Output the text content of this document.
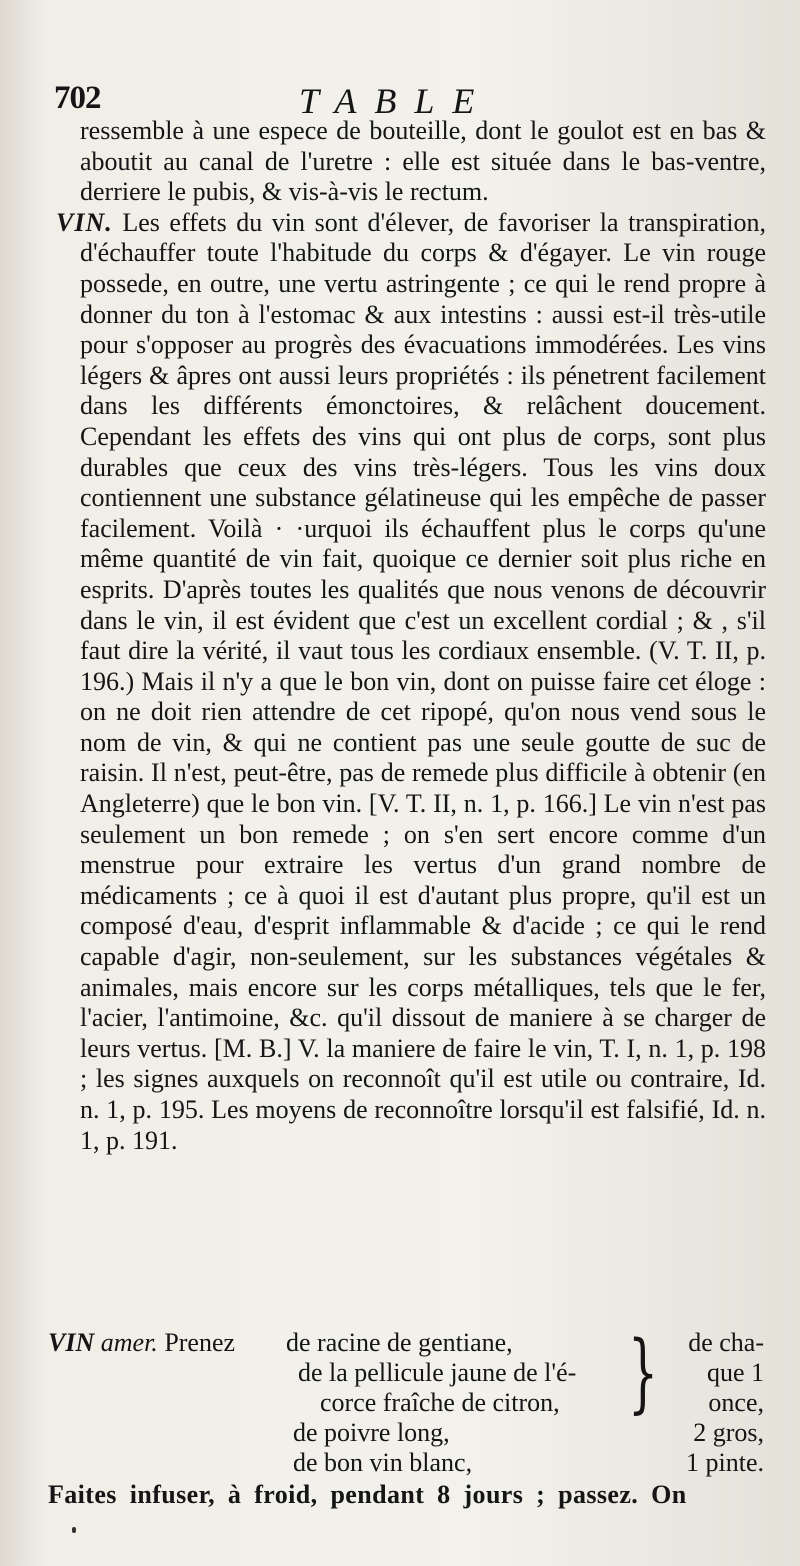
702	TABLE

ressemble à une espece de bouteille, dont le goulot est en bas & aboutit au canal de l'uretre : elle est située dans le bas-ventre, derriere le pubis, & vis-à-vis le rectum.

VIN. Les effets du vin sont d'élever, de favoriser la transpiration, d'échauffer toute l'habitude du corps & d'égayer. Le vin rouge possede, en outre, une vertu astringente ; ce qui le rend propre à donner du ton à l'estomac & aux intestins : aussi est-il très-utile pour s'opposer au progrès des évacuations immodérées. Les vins légers & âpres ont aussi leurs propriétés : ils pénetrent facilement dans les différents émonctoires, & relâchent doucement. Cependant les effets des vins qui ont plus de corps, sont plus durables que ceux des vins très-légers. Tous les vins doux contiennent une substance gélatineuse qui les empêche de passer facilement. Voilà · ·urquoi ils échauffent plus le corps qu'une même quantité de vin fait, quoique ce dernier soit plus riche en esprits. D'après toutes les qualités que nous venons de découvrir dans le vin, il est évident que c'est un excellent cordial ; & , s'il faut dire la vérité, il vaut tous les cordiaux ensemble. (V. T. II, p. 196.) Mais il n'y a que le bon vin, dont on puisse faire cet éloge : on ne doit rien attendre de cet ripopé, qu'on nous vend sous le nom de vin, & qui ne contient pas une seule goutte de suc de raisin. Il n'est, peut-être, pas de remede plus difficile à obtenir (en Angleterre) que le bon vin. [V. T. II, n. 1, p. 166.] Le vin n'est pas seulement un bon remede ; on s'en sert encore comme d'un menstrue pour extraire les vertus d'un grand nombre de médicaments ; ce à quoi il est d'autant plus propre, qu'il est un composé d'eau, d'esprit inflammable & d'acide ; ce qui le rend capable d'agir, non-seulement, sur les substances végétales & animales, mais encore sur les corps métalliques, tels que le fer, l'acier, l'antimoine, &c. qu'il dissout de maniere à se charger de leurs vertus. [M. B.] V. la maniere de faire le vin, T. I, n. 1, p. 198 ; les signes auxquels on reconnoît qu'il est utile ou contraire, Id. n. 1, p. 195. Les moyens de reconnoître lorsqu'il est falsifié, Id. n. 1, p. 191.

VIN amer. Prenez de racine de gentiane,
de la pellicule jaune de l'é-
corce fraîche de citron,
de poivre long,
de bon vin blanc,
}	de cha-
que 1
once,
2 gros,
1 pinte.
Faites infuser, à froid, pendant 8 jours ; passez. On
